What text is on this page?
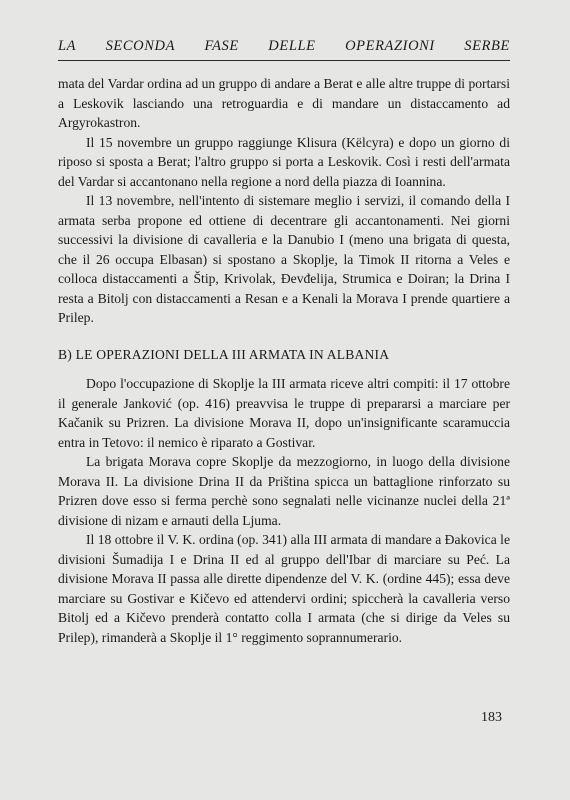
LA SECONDA FASE DELLE OPERAZIONI SERBE

mata del Vardar ordina ad un gruppo di andare a Berat e alle altre truppe di portarsi a Leskovik lasciando una retroguardia e di mandare un distaccamento ad Argyrokastron.

Il 15 novembre un gruppo raggiunge Klisura (Këlcyra) e dopo un giorno di riposo si sposta a Berat; l'altro gruppo si porta a Leskovik. Così i resti dell'armata del Vardar si accantonano nella regione a nord della piazza di Ioannina.

Il 13 novembre, nell'intento di sistemare meglio i servizi, il comando della I armata serba propone ed ottiene di decentrare gli accantonamenti. Nei giorni successivi la divisione di cavalleria e la Danubio I (meno una brigata di questa, che il 26 occupa Elbasan) si spostano a Skoplje, la Timok II ritorna a Veles e colloca distaccamenti a Štip, Krivolak, Đevđelija, Strumica e Doiran; la Drina I resta a Bitolj con distaccamenti a Resan e a Kenali la Morava I prende quartiere a Prilep.

B) LE OPERAZIONI DELLA III ARMATA IN ALBANIA

Dopo l'occupazione di Skoplje la III armata riceve altri compiti: il 17 ottobre il generale Janković (op. 416) preavvisa le truppe di prepararsi a marciare per Kačanik su Prizren. La divisione Morava II, dopo un'insignificante scaramuccia entra in Tetovo: il nemico è riparato a Gostivar.

La brigata Morava copre Skoplje da mezzogiorno, in luogo della divisione Morava II. La divisione Drina II da Priština spicca un battaglione rinforzato su Prizren dove esso si ferma perchè sono segnalati nelle vicinanze nuclei della 21ª divisione di nizam e arnauti della Ljuma.

Il 18 ottobre il V. K. ordina (op. 341) alla III armata di mandare a Đakovica le divisioni Šumadija I e Drina II ed al gruppo dell'Ibar di marciare su Peć. La divisione Morava II passa alle dirette dipendenze del V. K. (ordine 445); essa deve marciare su Gostivar e Kičevo ed attendervi ordini; spiccherà la cavalleria verso Bitolj ed a Kičevo prenderà contatto colla I armata (che si dirige da Veles su Prilep), rimanderà a Skoplje il 1° reggimento soprannumerario.

183
